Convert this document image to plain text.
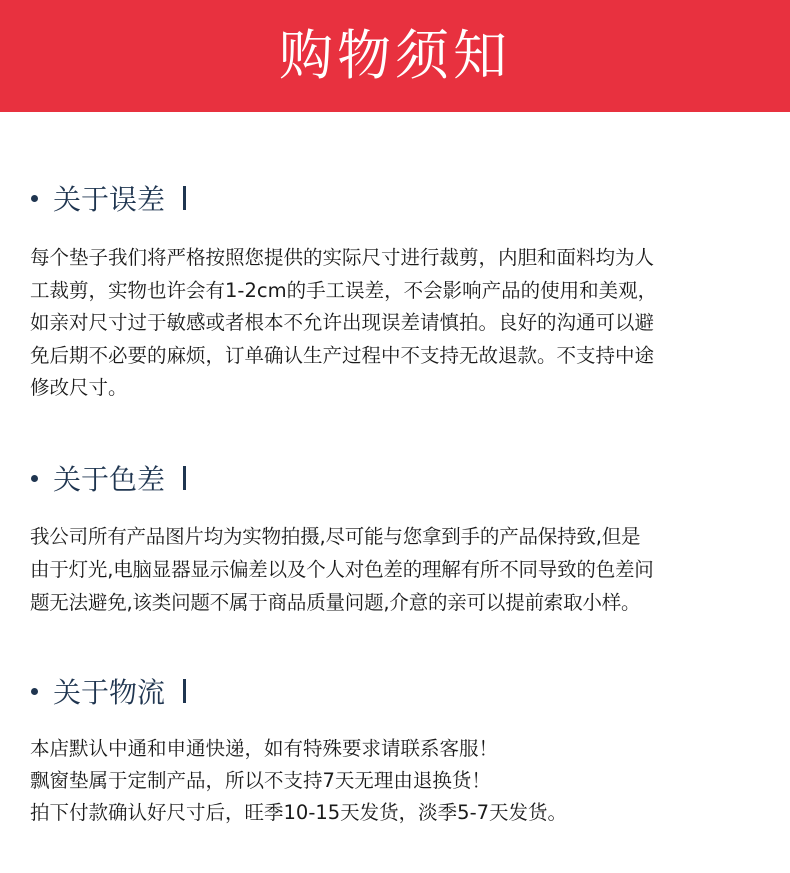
购物须知
关于误差

每个垫子我们将严格按照您提供的实际尺寸进行裁剪，内胆和面料均为人
工裁剪，实物也许会有1-2cm的手工误差，不会影响产品的使用和美观，
如亲对尺寸过于敏感或者根本不允许出现误差请慎拍。良好的沟通可以避
免后期不必要的麻烦，订单确认生产过程中不支持无故退款。不支持中途
修改尺寸。

关于色差

我公司所有产品图片均为实物拍摄,尽可能与您拿到手的产品保持致,但是
由于灯光,电脑显器显示偏差以及个人对色差的理解有所不同导致的色差问
题无法避免,该类问题不属于商品质量问题,介意的亲可以提前索取小样。

关于物流

本店默认中通和申通快递，如有特殊要求请联系客服！
飘窗垫属于定制产品，所以不支持7天无理由退换货！
拍下付款确认好尺寸后，旺季10-15天发货，淡季5-7天发货。
